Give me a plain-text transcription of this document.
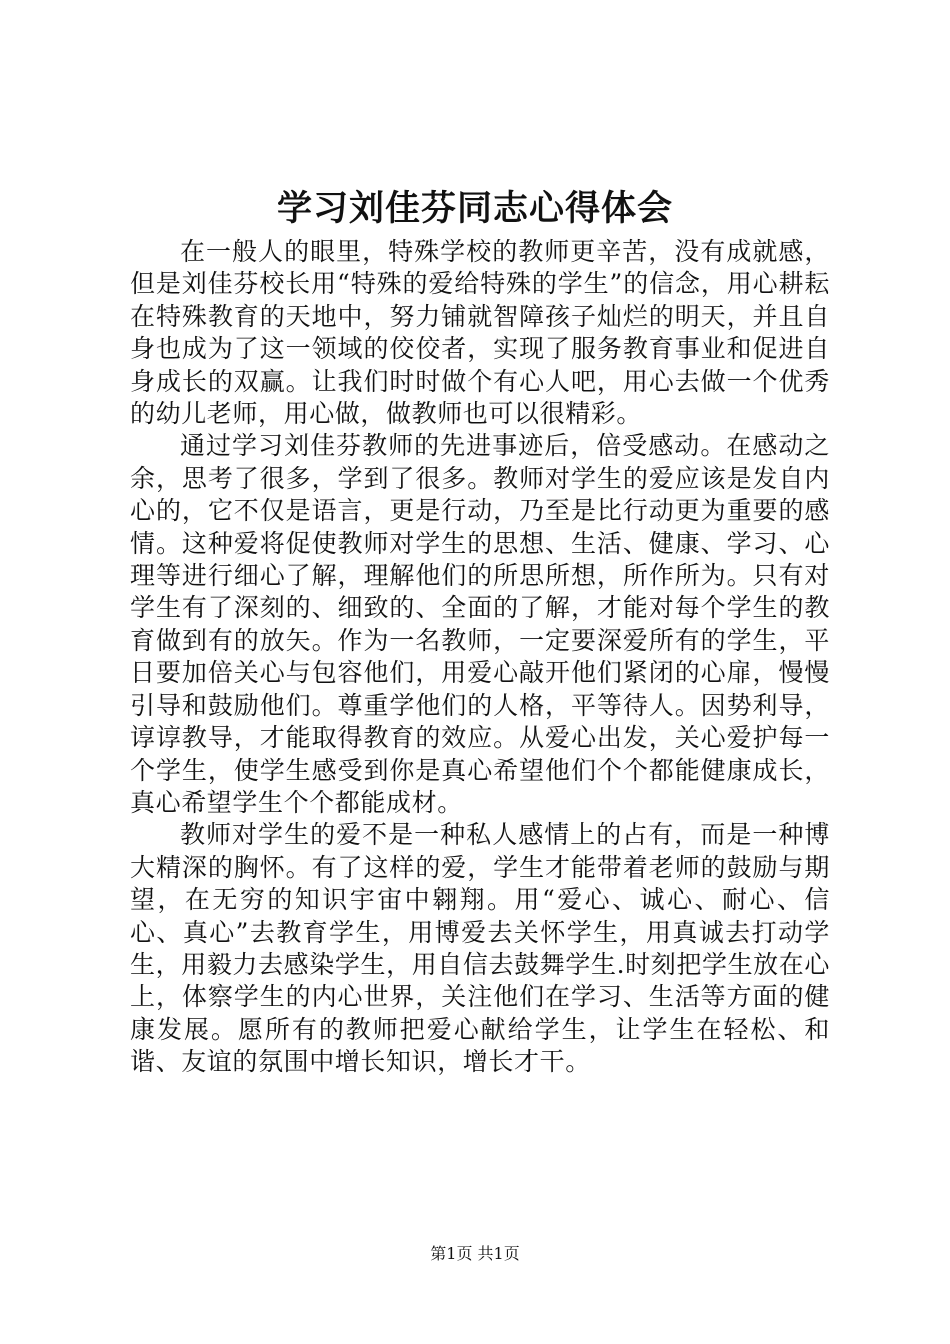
学习刘佳芬同志心得体会

在一般人的眼里，特殊学校的教师更辛苦，没有成就感，但是刘佳芬校长用“特殊的爱给特殊的学生”的信念，用心耕耘在特殊教育的天地中，努力铺就智障孩子灿烂的明天，并且自身也成为了这一领域的佼佼者，实现了服务教育事业和促进自身成长的双赢。让我们时时做个有心人吧，用心去做一个优秀的幼儿老师，用心做，做教师也可以很精彩。

通过学习刘佳芬教师的先进事迹后，倍受感动。在感动之余，思考了很多，学到了很多。教师对学生的爱应该是发自内心的，它不仅是语言，更是行动，乃至是比行动更为重要的感情。这种爱将促使教师对学生的思想、生活、健康、学习、心理等进行细心了解，理解他们的所思所想，所作所为。只有对学生有了深刻的、细致的、全面的了解，才能对每个学生的教育做到有的放矢。作为一名教师，一定要深爱所有的学生，平日要加倍关心与包容他们，用爱心敲开他们紧闭的心扉，慢慢引导和鼓励他们。尊重学他们的人格，平等待人。因势利导，谆谆教导，才能取得教育的效应。从爱心出发，关心爱护每一个学生，使学生感受到你是真心希望他们个个都能健康成长，真心希望学生个个都能成材。

教师对学生的爱不是一种私人感情上的占有，而是一种博大精深的胸怀。有了这样的爱，学生才能带着老师的鼓励与期望，在无穷的知识宇宙中翱翔。用“爱心、诚心、耐心、信心、真心”去教育学生，用博爱去关怀学生，用真诚去打动学生，用毅力去感染学生，用自信去鼓舞学生.时刻把学生放在心上，体察学生的内心世界，关注他们在学习、生活等方面的健康发展。愿所有的教师把爱心献给学生，让学生在轻松、和谐、友谊的氛围中增长知识，增长才干。

第1页 共1页
